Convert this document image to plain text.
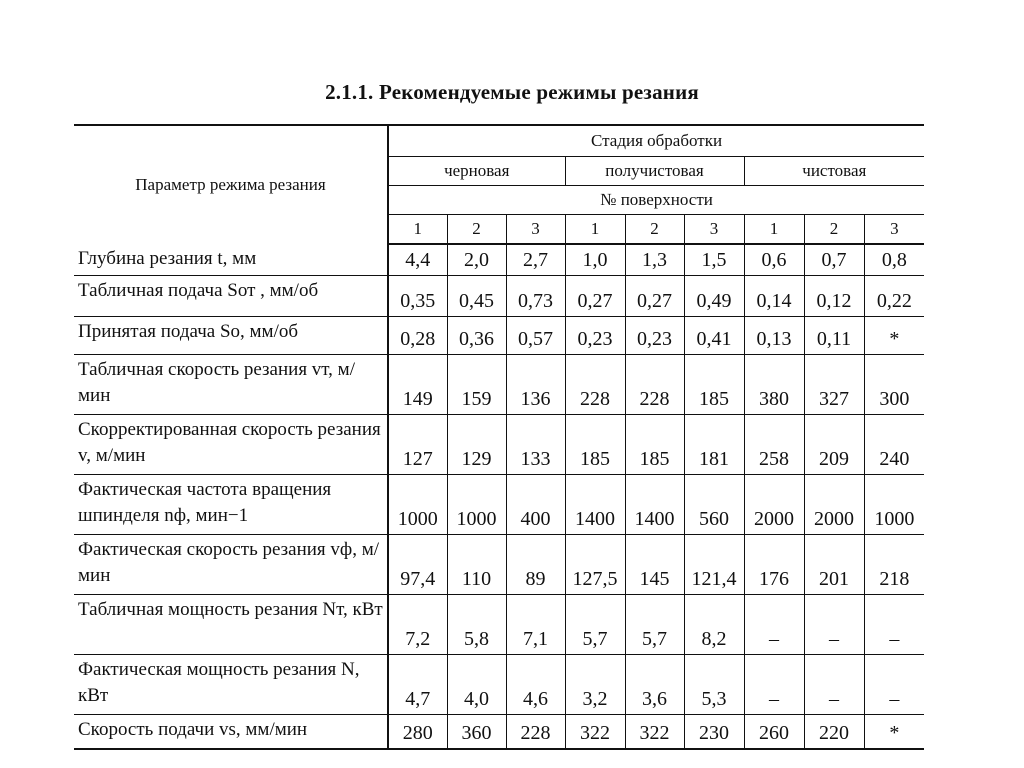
2.1.1. Рекомендуемые режимы резания
Параметр режима резания	Стадия обработки								
	черновая			получистовая			чистовая		
	№ поверхности								
	1	2	3	1	2	3	1	2	3
Глубина резания t, мм	4,4	2,0	2,7	1,0	1,3	1,5	0,6	0,7	0,8
Табличная подача Sот , мм/об	0,35	0,45	0,73	0,27	0,27	0,49	0,14	0,12	0,22
Принятая подача Sо, мм/об	0,28	0,36	0,57	0,23	0,23	0,41	0,13	0,11	*
Табличная скорость резания vт, м/мин	149	159	136	228	228	185	380	327	300
Скорректированная скорость резания v, м/мин	127	129	133	185	185	181	258	209	240
Фактическая частота вращения шпинделя nф, мин−1	1000	1000	400	1400	1400	560	2000	2000	1000
Фактическая скорость резания vф, м/мин	97,4	110	89	127,5	145	121,4	176	201	218
Табличная мощность резания Nт, кВт	7,2	5,8	7,1	5,7	5,7	8,2	–	–	–
Фактическая мощность резания N, кВт	4,7	4,0	4,6	3,2	3,6	5,3	–	–	–
Скорость подачи vs, мм/мин	280	360	228	322	322	230	260	220	*
